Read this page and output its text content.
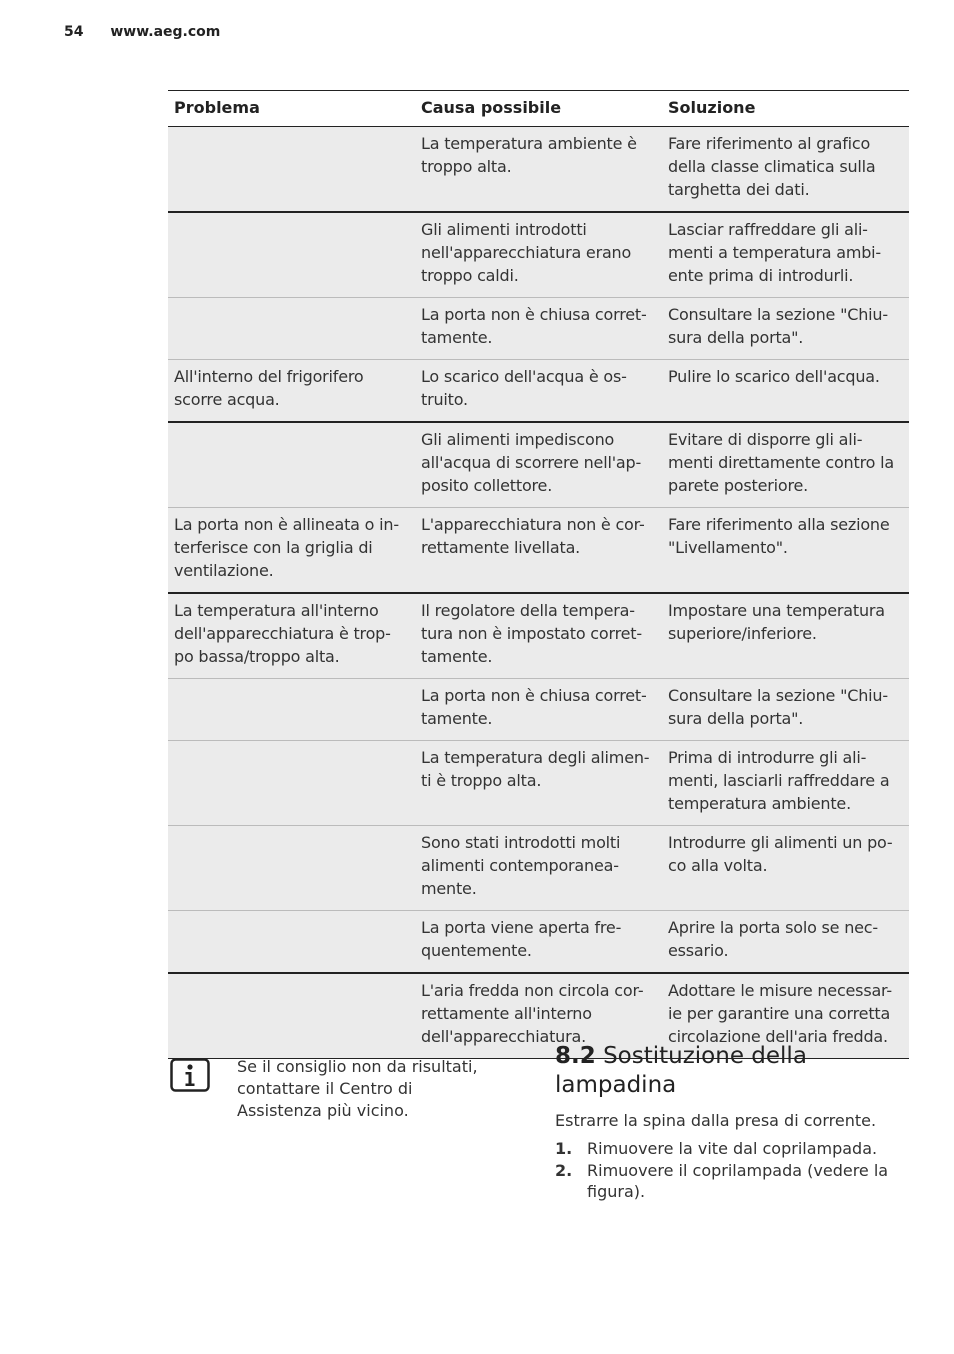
54 www.aeg.com
Problema	Causa possibile	Soluzione
	La temperatura ambiente è troppo alta.	Fare riferimento al grafico della classe climatica sulla targhetta dei dati.
	Gli alimenti introdotti nell'apparecchiatura erano troppo caldi.	Lasciar raffreddare gli ali- menti a temperatura ambi- ente prima di introdurli.
	La porta non è chiusa corret- tamente.	Consultare la sezione "Chiu- sura della porta".
All'interno del frigorifero scorre acqua.	Lo scarico dell'acqua è os- truito.	Pulire lo scarico dell'acqua.
	Gli alimenti impediscono all'acqua di scorrere nell'ap- posito collettore.	Evitare di disporre gli ali- menti direttamente contro la parete posteriore.
La porta non è allineata o in- terferisce con la griglia di ventilazione.	L'apparecchiatura non è cor- rettamente livellata.	Fare riferimento alla sezione "Livellamento".
La temperatura all'interno dell'apparecchiatura è trop- po bassa/troppo alta.	Il regolatore della tempera- tura non è impostato corret- tamente.	Impostare una temperatura superiore/inferiore.
	La porta non è chiusa corret- tamente.	Consultare la sezione "Chiu- sura della porta".
	La temperatura degli alimen- ti è troppo alta.	Prima di introdurre gli ali- menti, lasciarli raffreddare a temperatura ambiente.
	Sono stati introdotti molti alimenti contemporanea- mente.	Introdurre gli alimenti un po- co alla volta.
	La porta viene aperta fre- quentemente.	Aprire la porta solo se nec- essario.
	L'aria fredda non circola cor- rettamente all'interno dell'apparecchiatura.	Adottare le misure necessar- ie per garantire una corretta circolazione dell'aria fredda.
Se il consiglio non da risultati, contattare il Centro di Assistenza più vicino.
8.2 Sostituzione della lampadina

Estrarre la spina dalla presa di corrente.

1. Rimuovere la vite dal coprilampada.
2. Rimuovere il coprilampada (vedere la figura).
